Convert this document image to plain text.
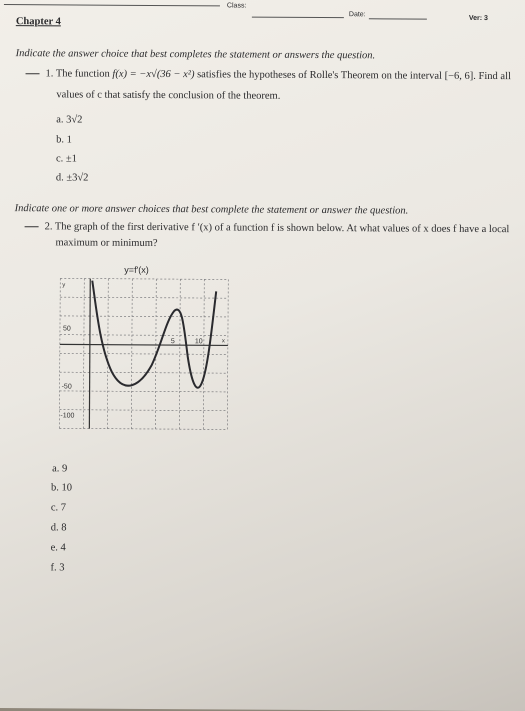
Class:
Date:
Ver: 3
Chapter 4
Indicate the answer choice that best completes the statement or answers the question.
1. The function f(x) = −x√(36 − x²) satisfies the hypotheses of Rolle's Theorem on the interval [−6, 6]. Find all
values of c that satisfy the conclusion of the theorem.
a. 3√2
b. 1
c. ±1
d. ±3√2
Indicate one or more answer choices that best complete the statement or answer the question.
2. The graph of the first derivative f ′(x) of a function f is shown below. At what values of x does f have a local
maximum or minimum?
y=f'(x)
y
x
50
-50
-100
5	10
a. 9
b. 10
c. 7
d. 8
e. 4
f. 3
